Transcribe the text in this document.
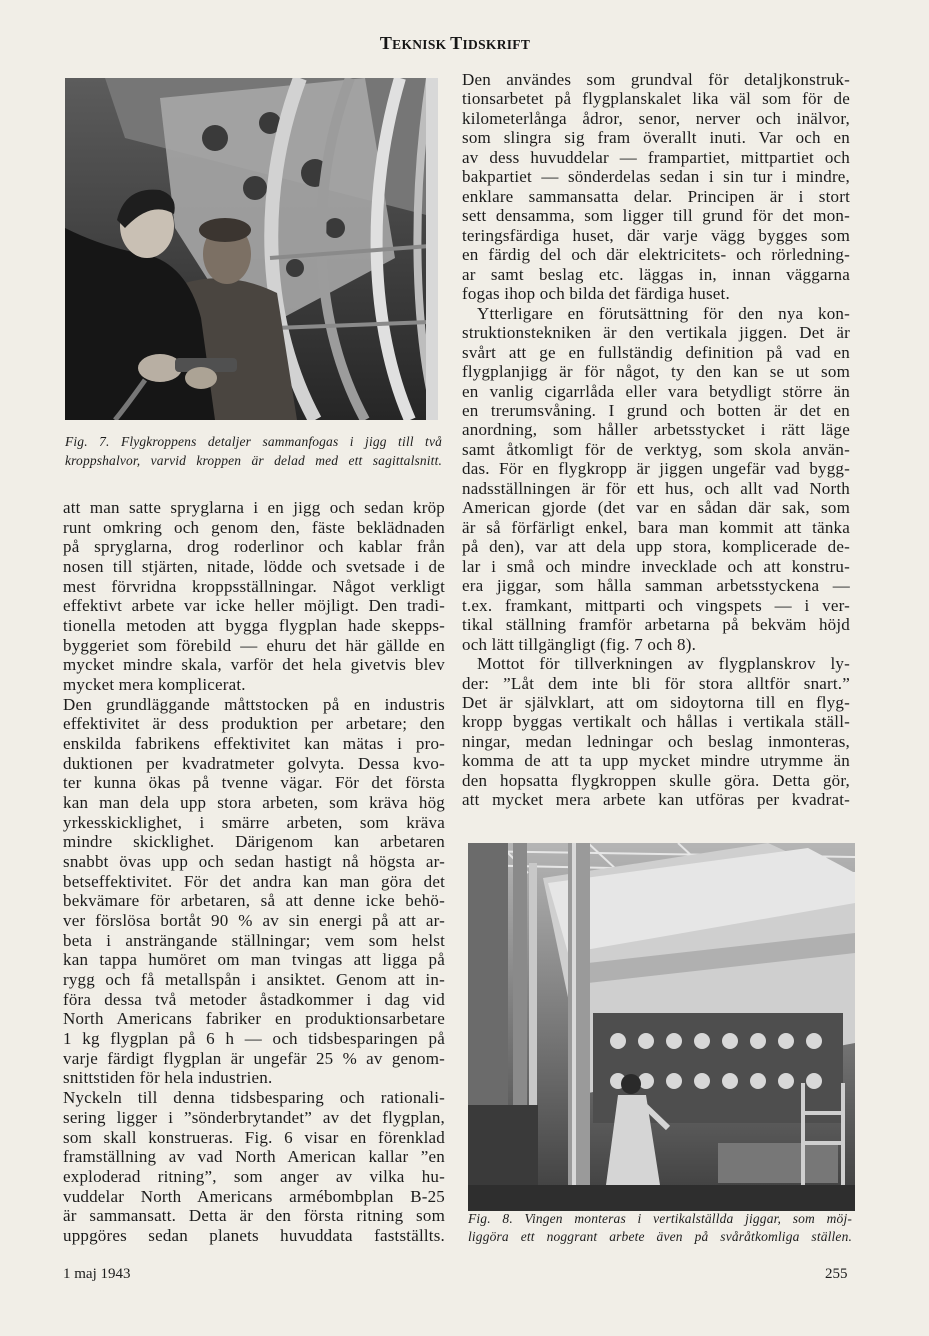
TEKNISK TIDSKRIFT
Fig. 7. Flygkroppens detaljer sammanfogas i jigg till två
kroppshalvor, varvid kroppen är delad med ett sagittalsnitt.
att man satte spryglarna i en jigg och sedan kröp
runt omkring och genom den, fäste beklädnaden
på spryglarna, drog roderlinor och kablar från
nosen till stjärten, nitade, lödde och svetsade i de
mest förvridna kroppsställningar. Något verkligt
effektivt arbete var icke heller möjligt. Den tradi-
tionella metoden att bygga flygplan hade skepps-
byggeriet som förebild — ehuru det här gällde en
mycket mindre skala, varför det hela givetvis blev
mycket mera komplicerat.
Den grundläggande måttstocken på en industris
effektivitet är dess produktion per arbetare; den
enskilda fabrikens effektivitet kan mätas i pro-
duktionen per kvadratmeter golvyta. Dessa kvo-
ter kunna ökas på tvenne vägar. För det första
kan man dela upp stora arbeten, som kräva hög
yrkesskicklighet, i smärre arbeten, som kräva
mindre skicklighet. Därigenom kan arbetaren
snabbt övas upp och sedan hastigt nå högsta ar-
betseffektivitet. För det andra kan man göra det
bekvämare för arbetaren, så att denne icke behö-
ver förslösa bortåt 90 % av sin energi på att ar-
beta i ansträngande ställningar; vem som helst
kan tappa humöret om man tvingas att ligga på
rygg och få metallspån i ansiktet. Genom att in-
föra dessa två metoder åstadkommer i dag vid
North Americans fabriker en produktionsarbetare
1 kg flygplan på 6 h — och tidsbesparingen på
varje färdigt flygplan är ungefär 25 % av genom-
snittstiden för hela industrien.
Nyckeln till denna tidsbesparing och rationali-
sering ligger i ”sönderbrytandet” av det flygplan,
som skall konstrueras. Fig. 6 visar en förenklad
framställning av vad North American kallar ”en
exploderad ritning”, som anger av vilka hu-
vuddelar North Americans armébombplan B-25
är sammansatt. Detta är den första ritning som
uppgöres sedan planets huvuddata fastställts.
Den användes som grundval för detaljkonstruk-
tionsarbetet på flygplanskalet lika väl som för de
kilometerlånga ådror, senor, nerver och inälvor,
som slingra sig fram överallt inuti. Var och en
av dess huvuddelar — frampartiet, mittpartiet och
bakpartiet — sönderdelas sedan i sin tur i mindre,
enklare sammansatta delar. Principen är i stort
sett densamma, som ligger till grund för det mon-
teringsfärdiga huset, där varje vägg bygges som
en färdig del och där elektricitets- och rörledning-
ar samt beslag etc. läggas in, innan väggarna
fogas ihop och bilda det färdiga huset.
Ytterligare en förutsättning för den nya kon-
struktionstekniken är den vertikala jiggen. Det är
svårt att ge en fullständig definition på vad en
flygplanjigg är för något, ty den kan se ut som
en vanlig cigarrlåda eller vara betydligt större än
en trerumsvåning. I grund och botten är det en
anordning, som håller arbetsstycket i rätt läge
samt åtkomligt för de verktyg, som skola använ-
das. För en flygkropp är jiggen ungefär vad bygg-
nadsställningen är för ett hus, och allt vad North
American gjorde (det var en sådan där sak, som
är så förfärligt enkel, bara man kommit att tänka
på den), var att dela upp stora, komplicerade de-
lar i små och mindre invecklade och att konstru-
era jiggar, som hålla samman arbetsstyckena —
t.ex. framkant, mittparti och vingspets — i ver-
tikal ställning framför arbetarna på bekväm höjd
och lätt tillgängligt (fig. 7 och 8).
Mottot för tillverkningen av flygplanskrov ly-
der: ”Låt dem inte bli för stora alltför snart.”
Det är självklart, att om sidoytorna till en flyg-
kropp byggas vertikalt och hållas i vertikala ställ-
ningar, medan ledningar och beslag inmonteras,
komma de att ta upp mycket mindre utrymme än
den hopsatta flygkroppen skulle göra. Detta gör,
att mycket mera arbete kan utföras per kvadrat-
Fig. 8. Vingen monteras i vertikalställda jiggar, som möj-
liggöra ett noggrant arbete även på svåråtkomliga ställen.
1 maj 1943	255
